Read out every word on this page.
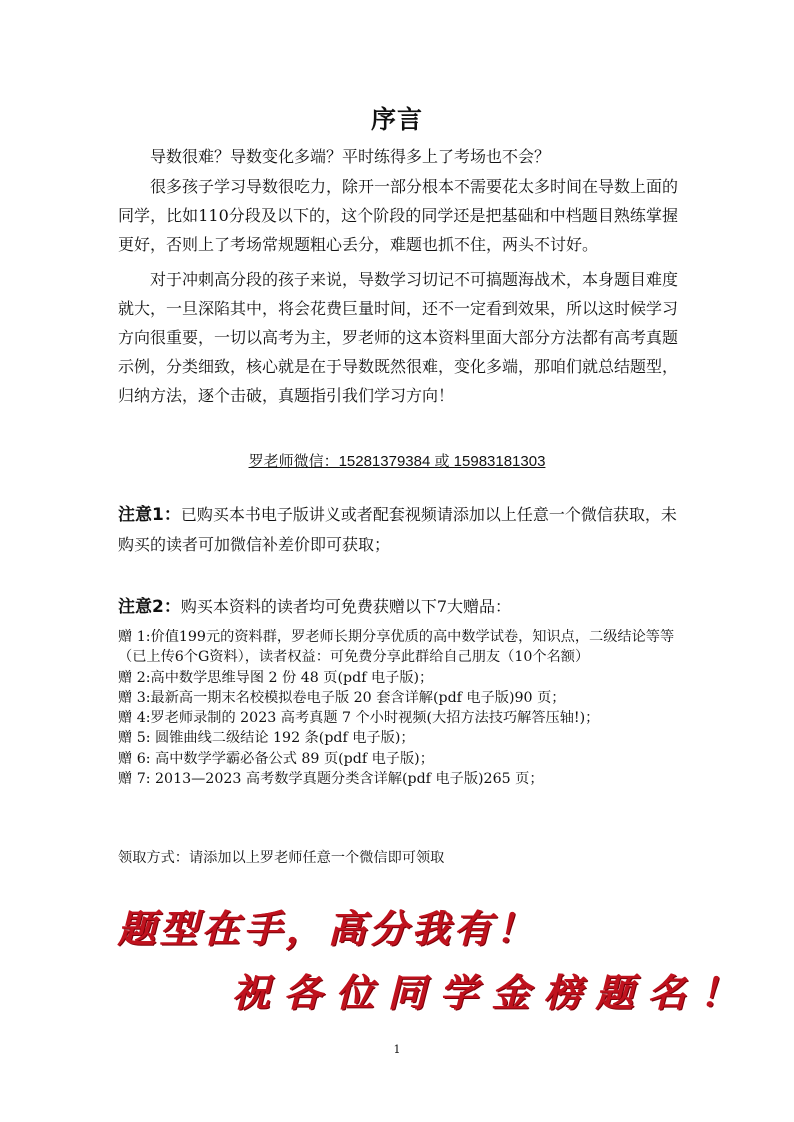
序言
导数很难？导数变化多端？平时练得多上了考场也不会？
很多孩子学习导数很吃力，除开一部分根本不需要花太多时间在导数上面的同学，比如110分段及以下的，这个阶段的同学还是把基础和中档题目熟练掌握更好，否则上了考场常规题粗心丢分，难题也抓不住，两头不讨好。
对于冲刺高分段的孩子来说，导数学习切记不可搞题海战术，本身题目难度就大，一旦深陷其中，将会花费巨量时间，还不一定看到效果，所以这时候学习方向很重要，一切以高考为主，罗老师的这本资料里面大部分方法都有高考真题示例，分类细致，核心就是在于导数既然很难，变化多端，那咱们就总结题型，归纳方法，逐个击破，真题指引我们学习方向！
罗老师微信：15281379384 或 15983181303
注意1：已购买本书电子版讲义或者配套视频请添加以上任意一个微信获取，未购买的读者可加微信补差价即可获取；
注意2：购买本资料的读者均可免费获赠以下7大赠品：
赠 1:价值199元的资料群，罗老师长期分享优质的高中数学试卷，知识点，二级结论等等（已上传6个G资料），读者权益：可免费分享此群给自己朋友（10个名额）
赠 2:高中数学思维导图 2 份 48 页(pdf 电子版)；
赠 3:最新高一期末名校模拟卷电子版 20 套含详解(pdf 电子版)90 页；
赠 4:罗老师录制的 2023 高考真题 7 个小时视频(大招方法技巧解答压轴!)；
赠 5: 圆锥曲线二级结论 192 条(pdf 电子版)；
赠 6: 高中数学学霸必备公式 89 页(pdf 电子版)；
赠 7: 2013—2023 高考数学真题分类含详解(pdf 电子版)265 页；
领取方式：请添加以上罗老师任意一个微信即可领取
题型在手，高分我有！
祝各位同学金榜题名！
1
